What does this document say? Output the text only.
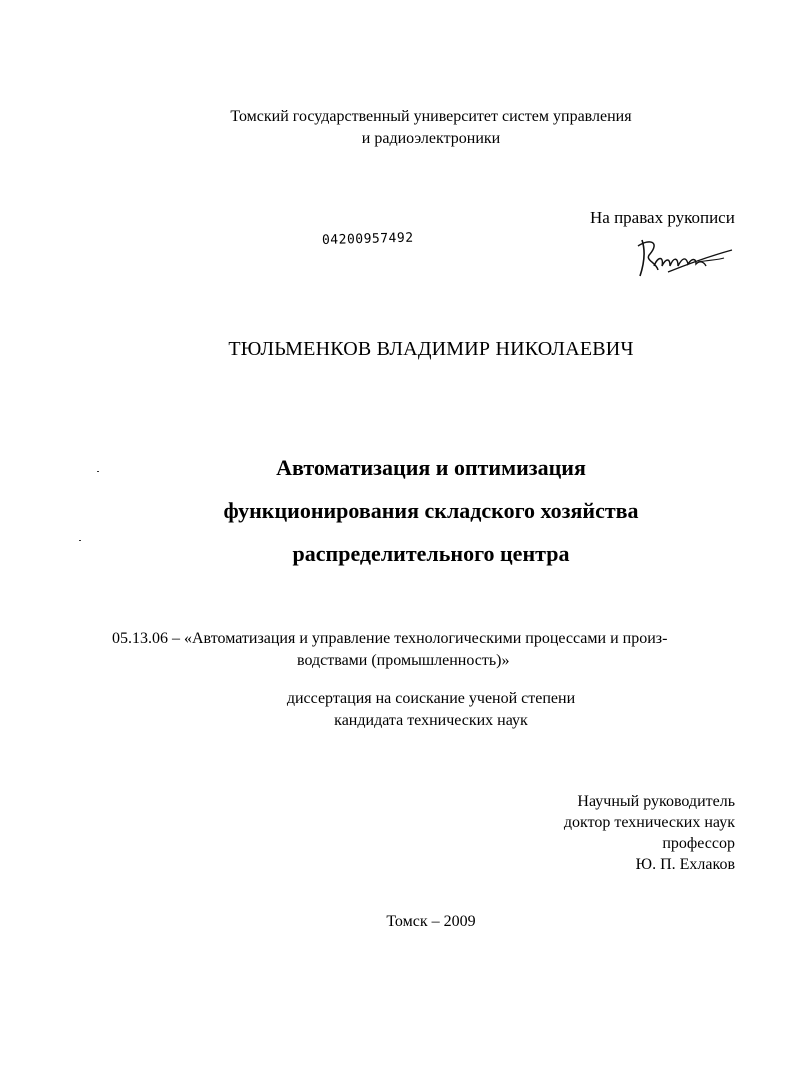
Томский государственный университет систем управления
и радиоэлектроники
На правах рукописи
04200957492
ТЮЛЬМЕНКОВ ВЛАДИМИР НИКОЛАЕВИЧ
Автоматизация и оптимизация
функционирования складского хозяйства
распределительного центра
05.13.06 – «Автоматизация и управление технологическими процессами и произ-
водствами (промышленность)»
диссертация на соискание ученой степени
кандидата технических наук
Научный руководитель
доктор технических наук
профессор
Ю. П. Ехлаков
Томск – 2009
